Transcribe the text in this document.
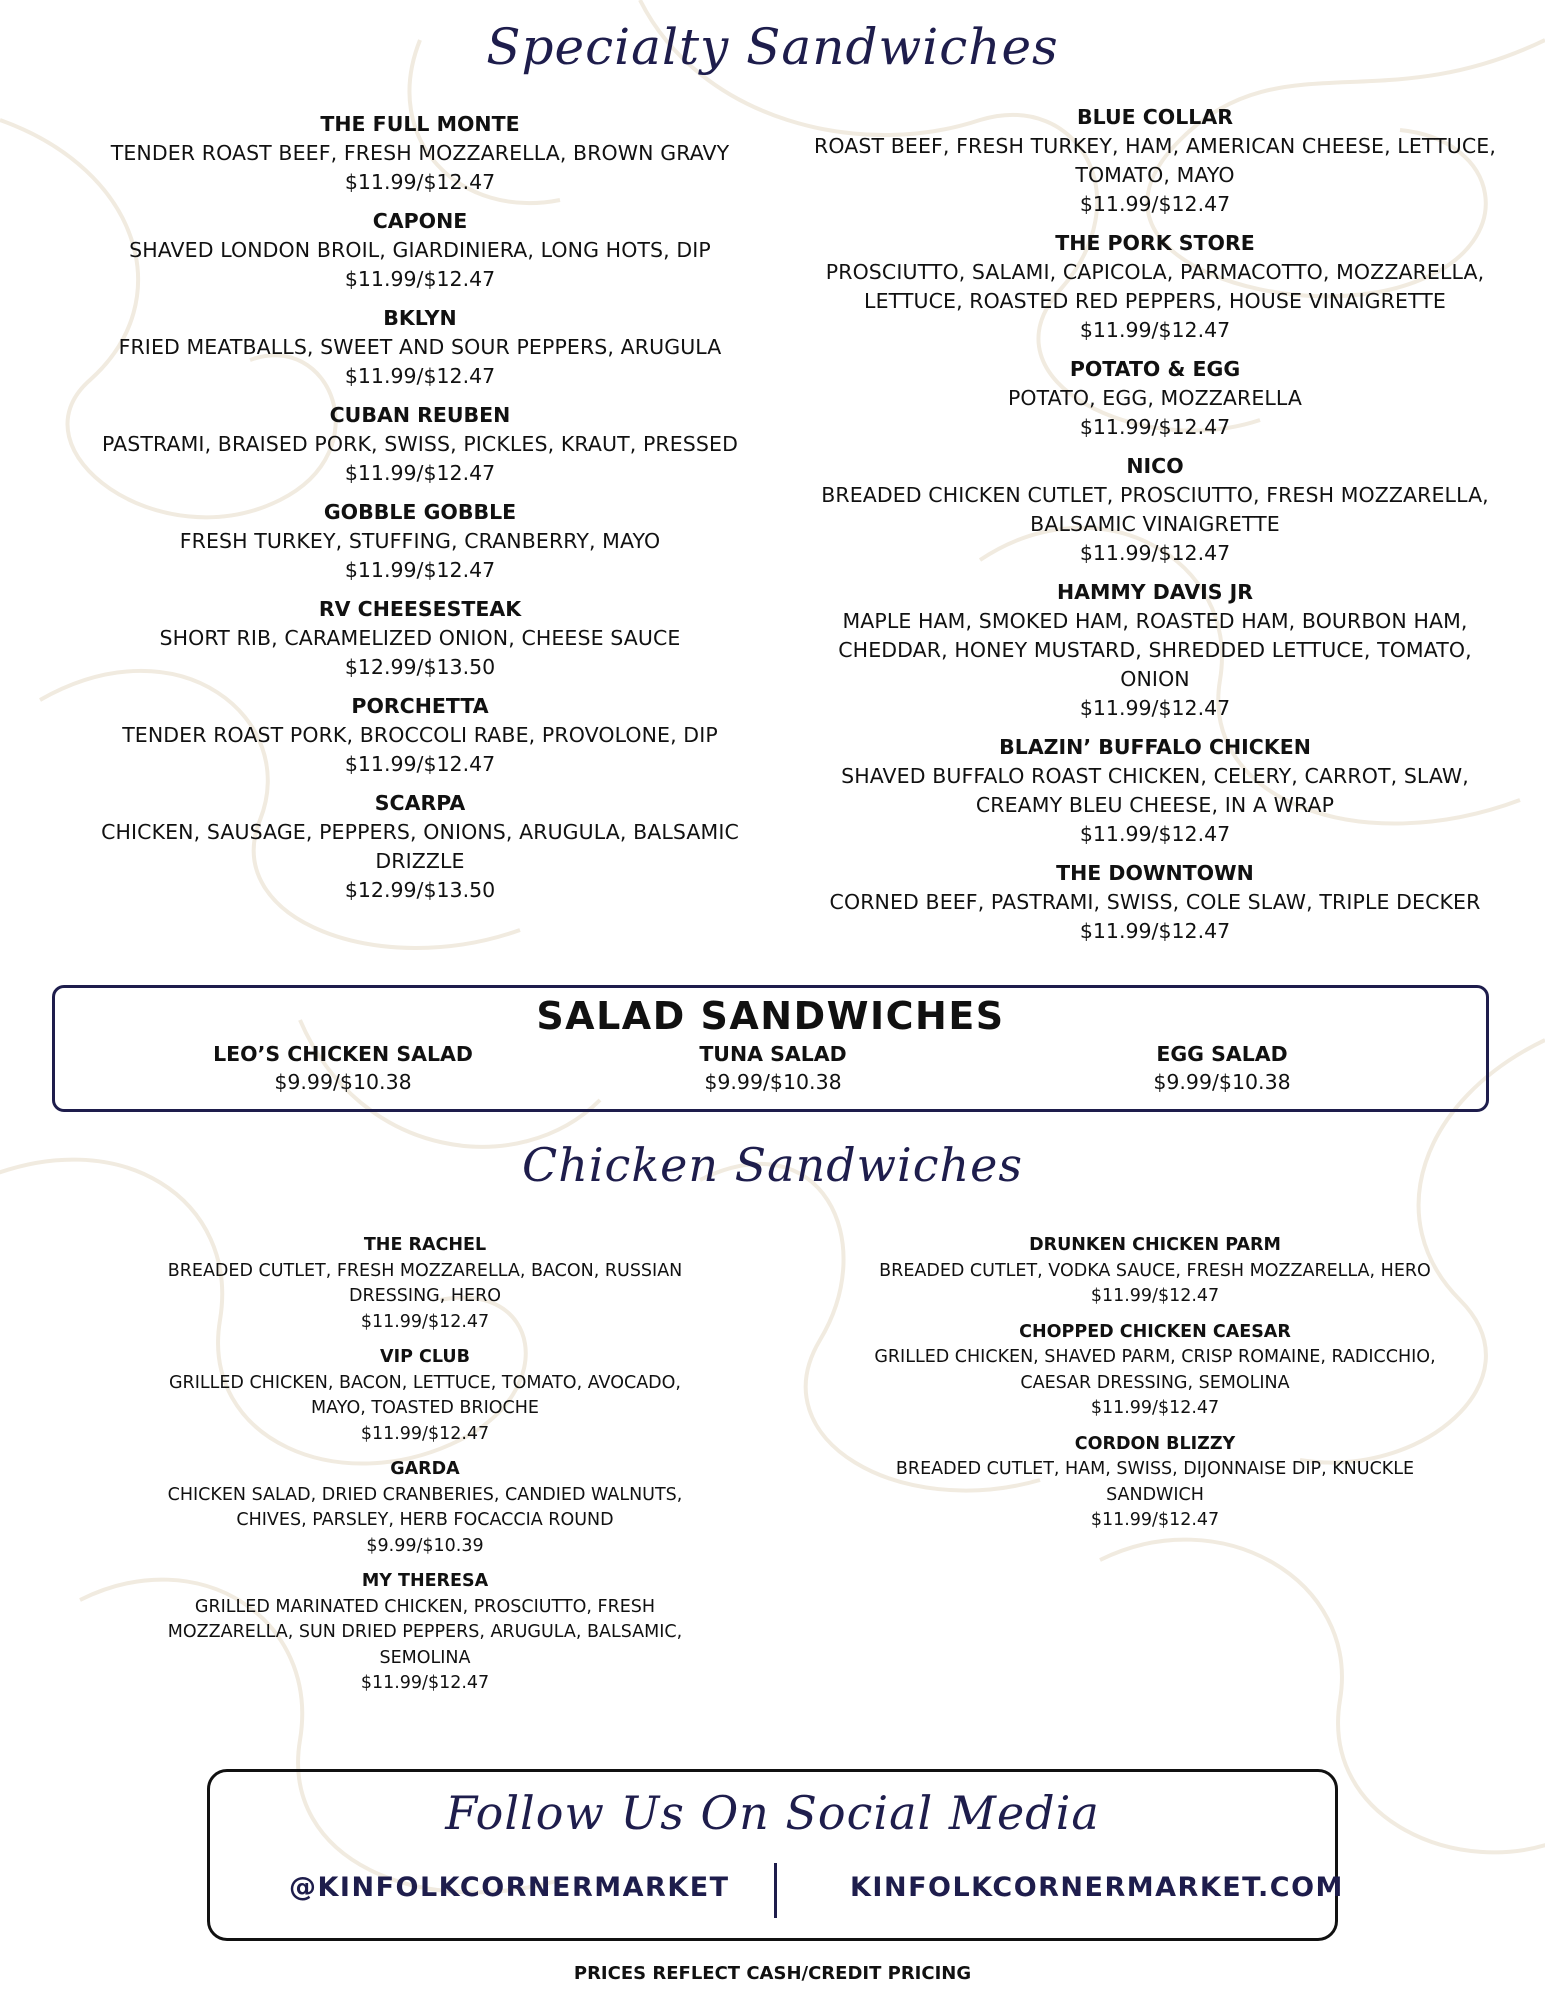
Specialty Sandwiches
THE FULL MONTE
TENDER ROAST BEEF, FRESH MOZZARELLA, BROWN GRAVY
$11.99/$12.47
CAPONE
SHAVED LONDON BROIL, GIARDINIERA, LONG HOTS, DIP
$11.99/$12.47
BKLYN
FRIED MEATBALLS, SWEET AND SOUR PEPPERS, ARUGULA
$11.99/$12.47
CUBAN REUBEN
PASTRAMI, BRAISED PORK, SWISS, PICKLES, KRAUT, PRESSED
$11.99/$12.47
GOBBLE GOBBLE
FRESH TURKEY, STUFFING, CRANBERRY, MAYO
$11.99/$12.47
RV CHEESESTEAK
SHORT RIB, CARAMELIZED ONION, CHEESE SAUCE
$12.99/$13.50
PORCHETTA
TENDER ROAST PORK, BROCCOLI RABE, PROVOLONE, DIP
$11.99/$12.47
SCARPA
CHICKEN, SAUSAGE, PEPPERS, ONIONS, ARUGULA, BALSAMIC DRIZZLE
$12.99/$13.50
BLUE COLLAR
ROAST BEEF, FRESH TURKEY, HAM, AMERICAN CHEESE, LETTUCE, TOMATO, MAYO
$11.99/$12.47
THE PORK STORE
PROSCIUTTO, SALAMI, CAPICOLA, PARMACOTTO, MOZZARELLA, LETTUCE, ROASTED RED PEPPERS, HOUSE VINAIGRETTE
$11.99/$12.47
POTATO & EGG
POTATO, EGG, MOZZARELLA
$11.99/$12.47
NICO
BREADED CHICKEN CUTLET, PROSCIUTTO, FRESH MOZZARELLA, BALSAMIC VINAIGRETTE
$11.99/$12.47
HAMMY DAVIS JR
MAPLE HAM, SMOKED HAM, ROASTED HAM, BOURBON HAM, CHEDDAR, HONEY MUSTARD, SHREDDED LETTUCE, TOMATO, ONION
$11.99/$12.47
BLAZIN’ BUFFALO CHICKEN
SHAVED BUFFALO ROAST CHICKEN, CELERY, CARROT, SLAW, CREAMY BLEU CHEESE, IN A WRAP
$11.99/$12.47
THE DOWNTOWN
CORNED BEEF, PASTRAMI, SWISS, COLE SLAW, TRIPLE DECKER
$11.99/$12.47
SALAD SANDWICHES
LEO’S CHICKEN SALAD
$9.99/$10.38
TUNA SALAD
$9.99/$10.38
EGG SALAD
$9.99/$10.38
Chicken Sandwiches
THE RACHEL
BREADED CUTLET, FRESH MOZZARELLA, BACON, RUSSIAN DRESSING, HERO
$11.99/$12.47
VIP CLUB
GRILLED CHICKEN, BACON, LETTUCE, TOMATO, AVOCADO, MAYO, TOASTED BRIOCHE
$11.99/$12.47
GARDA
CHICKEN SALAD, DRIED CRANBERIES, CANDIED WALNUTS, CHIVES, PARSLEY, HERB FOCACCIA ROUND
$9.99/$10.39
MY THERESA
GRILLED MARINATED CHICKEN, PROSCIUTTO, FRESH MOZZARELLA, SUN DRIED PEPPERS, ARUGULA, BALSAMIC, SEMOLINA
$11.99/$12.47
DRUNKEN CHICKEN PARM
BREADED CUTLET, VODKA SAUCE, FRESH MOZZARELLA, HERO
$11.99/$12.47
CHOPPED CHICKEN CAESAR
GRILLED CHICKEN, SHAVED PARM, CRISP ROMAINE, RADICCHIO, CAESAR DRESSING, SEMOLINA
$11.99/$12.47
CORDON BLIZZY
BREADED CUTLET, HAM, SWISS, DIJONNAISE DIP, KNUCKLE SANDWICH
$11.99/$12.47
Follow Us On Social Media
@KINFOLKCORNERMARKET	KINFOLKCORNERMARKET.COM
PRICES REFLECT CASH/CREDIT PRICING
